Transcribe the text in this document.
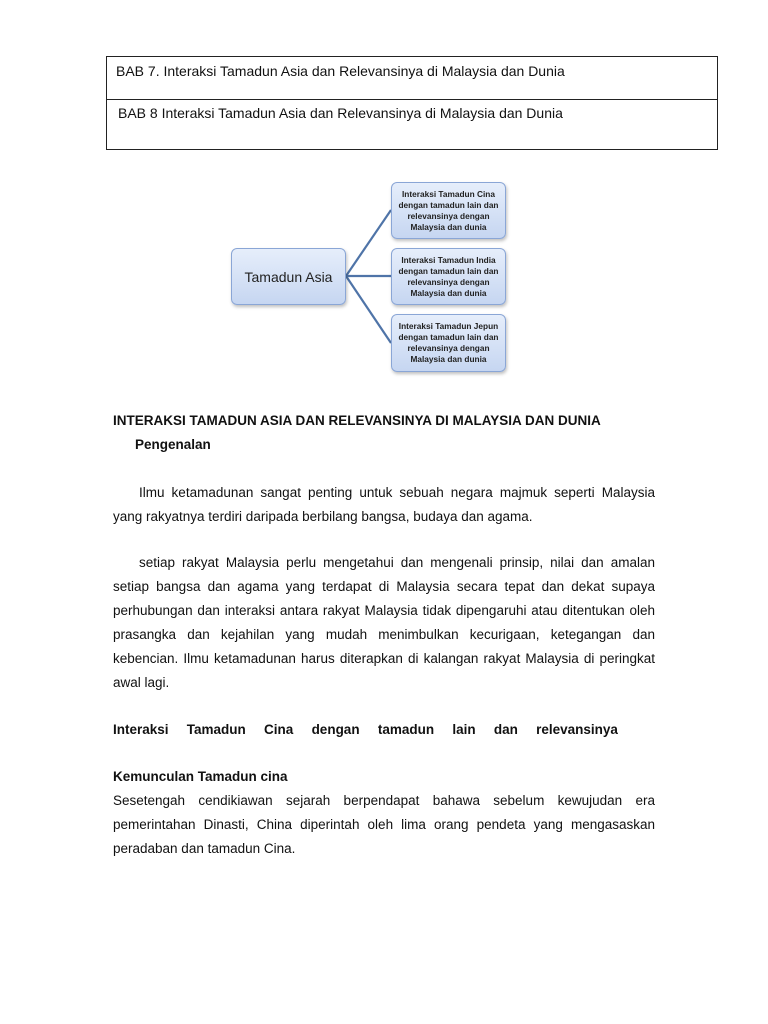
BAB 7. Interaksi Tamadun Asia dan Relevansinya di Malaysia dan Dunia
BAB 8 Interaksi Tamadun Asia dan Relevansinya di Malaysia dan Dunia
Tamadun Asia
Interaksi Tamadun Cina dengan tamadun lain dan relevansinya dengan Malaysia dan dunia
Interaksi Tamadun India dengan tamadun lain dan relevansinya dengan Malaysia dan dunia
Interaksi Tamadun Jepun dengan tamadun lain dan relevansinya dengan Malaysia dan dunia
INTERAKSI TAMADUN ASIA DAN RELEVANSINYA DI MALAYSIA DAN DUNIA
Pengenalan

Ilmu ketamadunan sangat penting untuk sebuah negara majmuk seperti Malaysia yang rakyatnya terdiri daripada berbilang bangsa, budaya dan agama.

setiap rakyat Malaysia perlu mengetahui dan mengenali prinsip, nilai dan amalan setiap bangsa dan agama yang terdapat di Malaysia secara tepat dan dekat supaya perhubungan dan interaksi antara rakyat Malaysia tidak dipengaruhi atau ditentukan oleh prasangka dan kejahilan yang mudah menimbulkan kecurigaan, ketegangan dan kebencian. Ilmu ketamadunan harus diterapkan di kalangan rakyat Malaysia di peringkat awal lagi.

Interaksi Tamadun Cina dengan tamadun lain dan relevansinya
Kemunculan Tamadun cina

Sesetengah cendikiawan sejarah berpendapat bahawa sebelum kewujudan era pemerintahan Dinasti, China diperintah oleh lima orang pendeta yang mengasaskan peradaban dan tamadun Cina.
